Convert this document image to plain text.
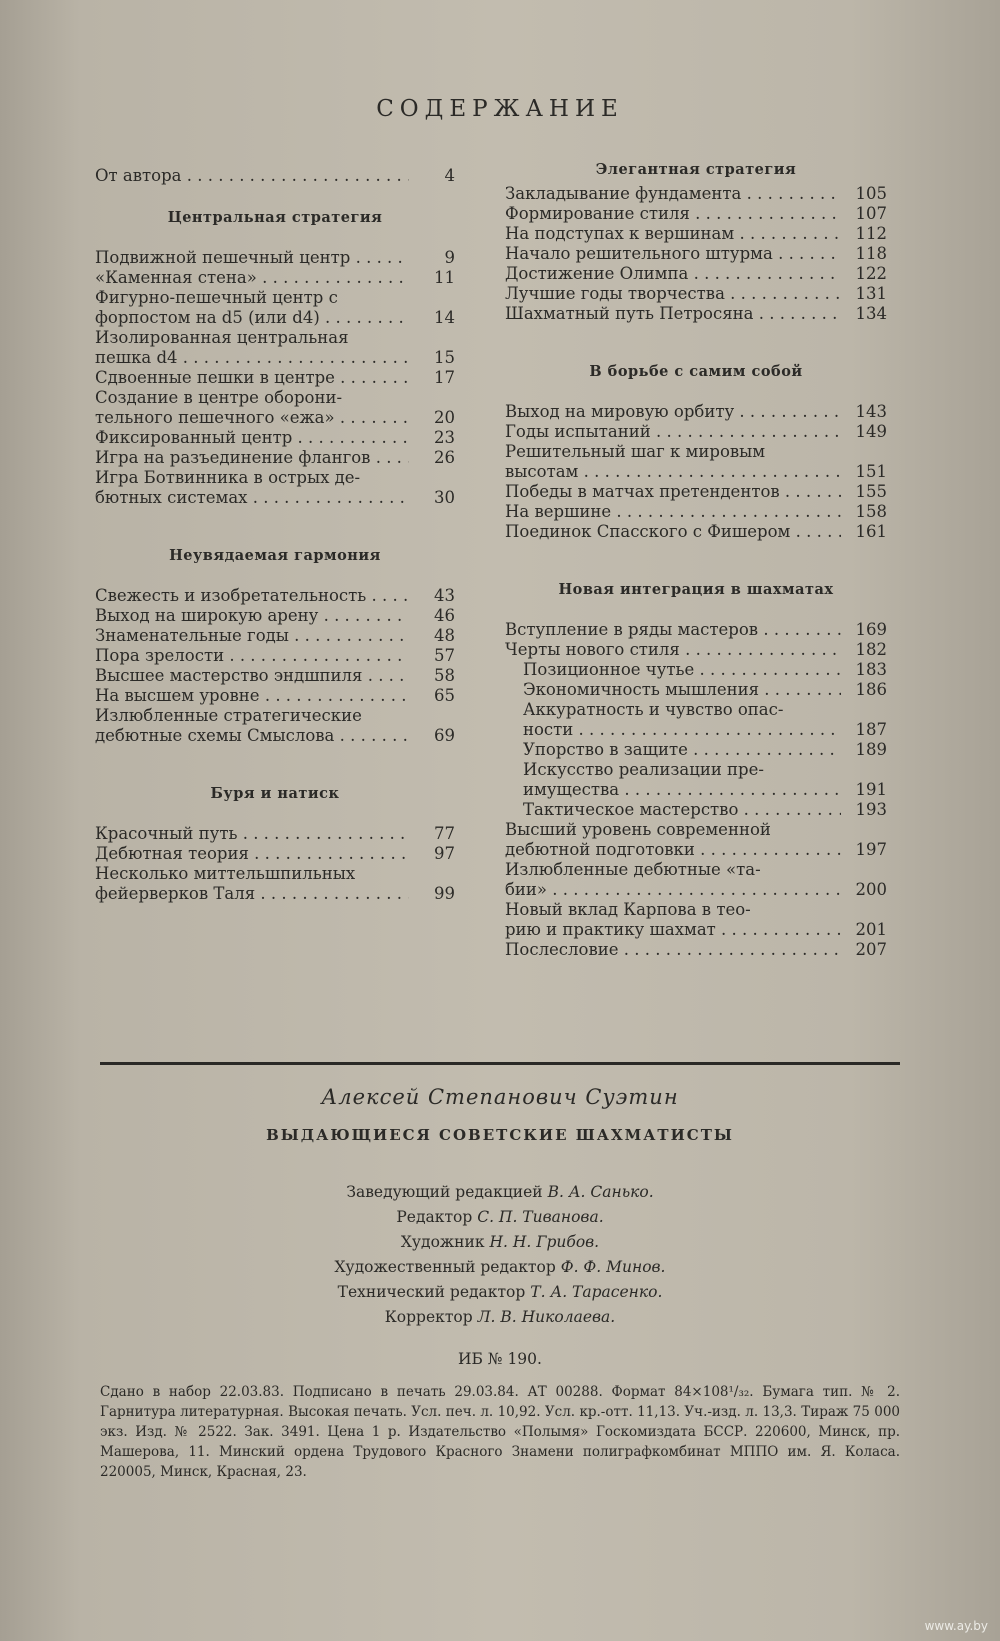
СОДЕРЖАНИЕ
От автора . . .	4
Центральная стратегия
Подвижной пешечный центр . . .	9
«Каменная стена» . . .	11
Фигурно-пешечный центр с
форпостом на d5 (или d4) . . .	14
Изолированная центральная
пешка d4 . . .	15
Сдвоенные пешки в центре . . .	17
Создание в центре оборони-
тельного пешечного «ежа» . . .	20
Фиксированный центр . . .	23
Игра на разъединение флангов . . .	26
Игра Ботвинника в острых де-
бютных системах . . .	30
Неувядаемая гармония
Свежесть и изобретательность . . .	43
Выход на широкую арену . . .	46
Знаменательные годы . . .	48
Пора зрелости . . .	57
Высшее мастерство эндшпиля . . .	58
На высшем уровне . . .	65
Излюбленные стратегические
дебютные схемы Смыслова . . .	69
Буря и натиск
Красочный путь . . .	77
Дебютная теория . . .	97
Несколько миттельшпильных
фейерверков Таля . . .	99
Элегантная стратегия
Закладывание фундамента . . .	105
Формирование стиля . . .	107
На подступах к вершинам . . .	112
Начало решительного штурма . . .	118
Достижение Олимпа . . .	122
Лучшие годы творчества . . .	131
Шахматный путь Петросяна . . .	134
В борьбе с самим собой
Выход на мировую орбиту . . .	143
Годы испытаний . . .	149
Решительный шаг к мировым
высотам . . .	151
Победы в матчах претендентов . . .	155
На вершине . . .	158
Поединок Спасского с Фишером . . .	161
Новая интеграция в шахматах
Вступление в ряды мастеров . . .	169
Черты нового стиля . . .	182
Позиционное чутье . . .	183
Экономичность мышления . . .	186
Аккуратность и чувство опас-
ности . . .	187
Упорство в защите . . .	189
Искусство реализации пре-
имущества . . .	191
Тактическое мастерство . . .	193
Высший уровень современной
дебютной подготовки . . .	197
Излюбленные дебютные «та-
бии» . . .	200
Новый вклад Карпова в тео-
рию и практику шахмат . . .	201
Послесловие . . .	207
Алексей Степанович Суэтин
ВЫДАЮЩИЕСЯ СОВЕТСКИЕ ШАХМАТИСТЫ
Заведующий редакцией В. А. Санько.
Редактор С. П. Тиванова.
Художник Н. Н. Грибов.
Художественный редактор Ф. Ф. Минов.
Технический редактор Т. А. Тарасенко.
Корректор Л. В. Николаева.
ИБ № 190.
Сдано в набор 22.03.83. Подписано в печать 29.03.84. АТ 00288. Формат 84×108¹/₃₂. Бумага тип. № 2. Гарнитура литературная. Высокая печать. Усл. печ. л. 10,92. Усл. кр.-отт. 11,13. Уч.-изд. л. 13,3. Тираж 75 000 экз. Изд. № 2522. Зак. 3491. Цена 1 р. Издательство «Полымя» Госкомиздата БССР. 220600, Минск, пр. Машерова, 11. Минский ордена Трудового Красного Знамени полиграфкомбинат МППО им. Я. Коласа. 220005, Минск, Красная, 23.
www.ay.by
